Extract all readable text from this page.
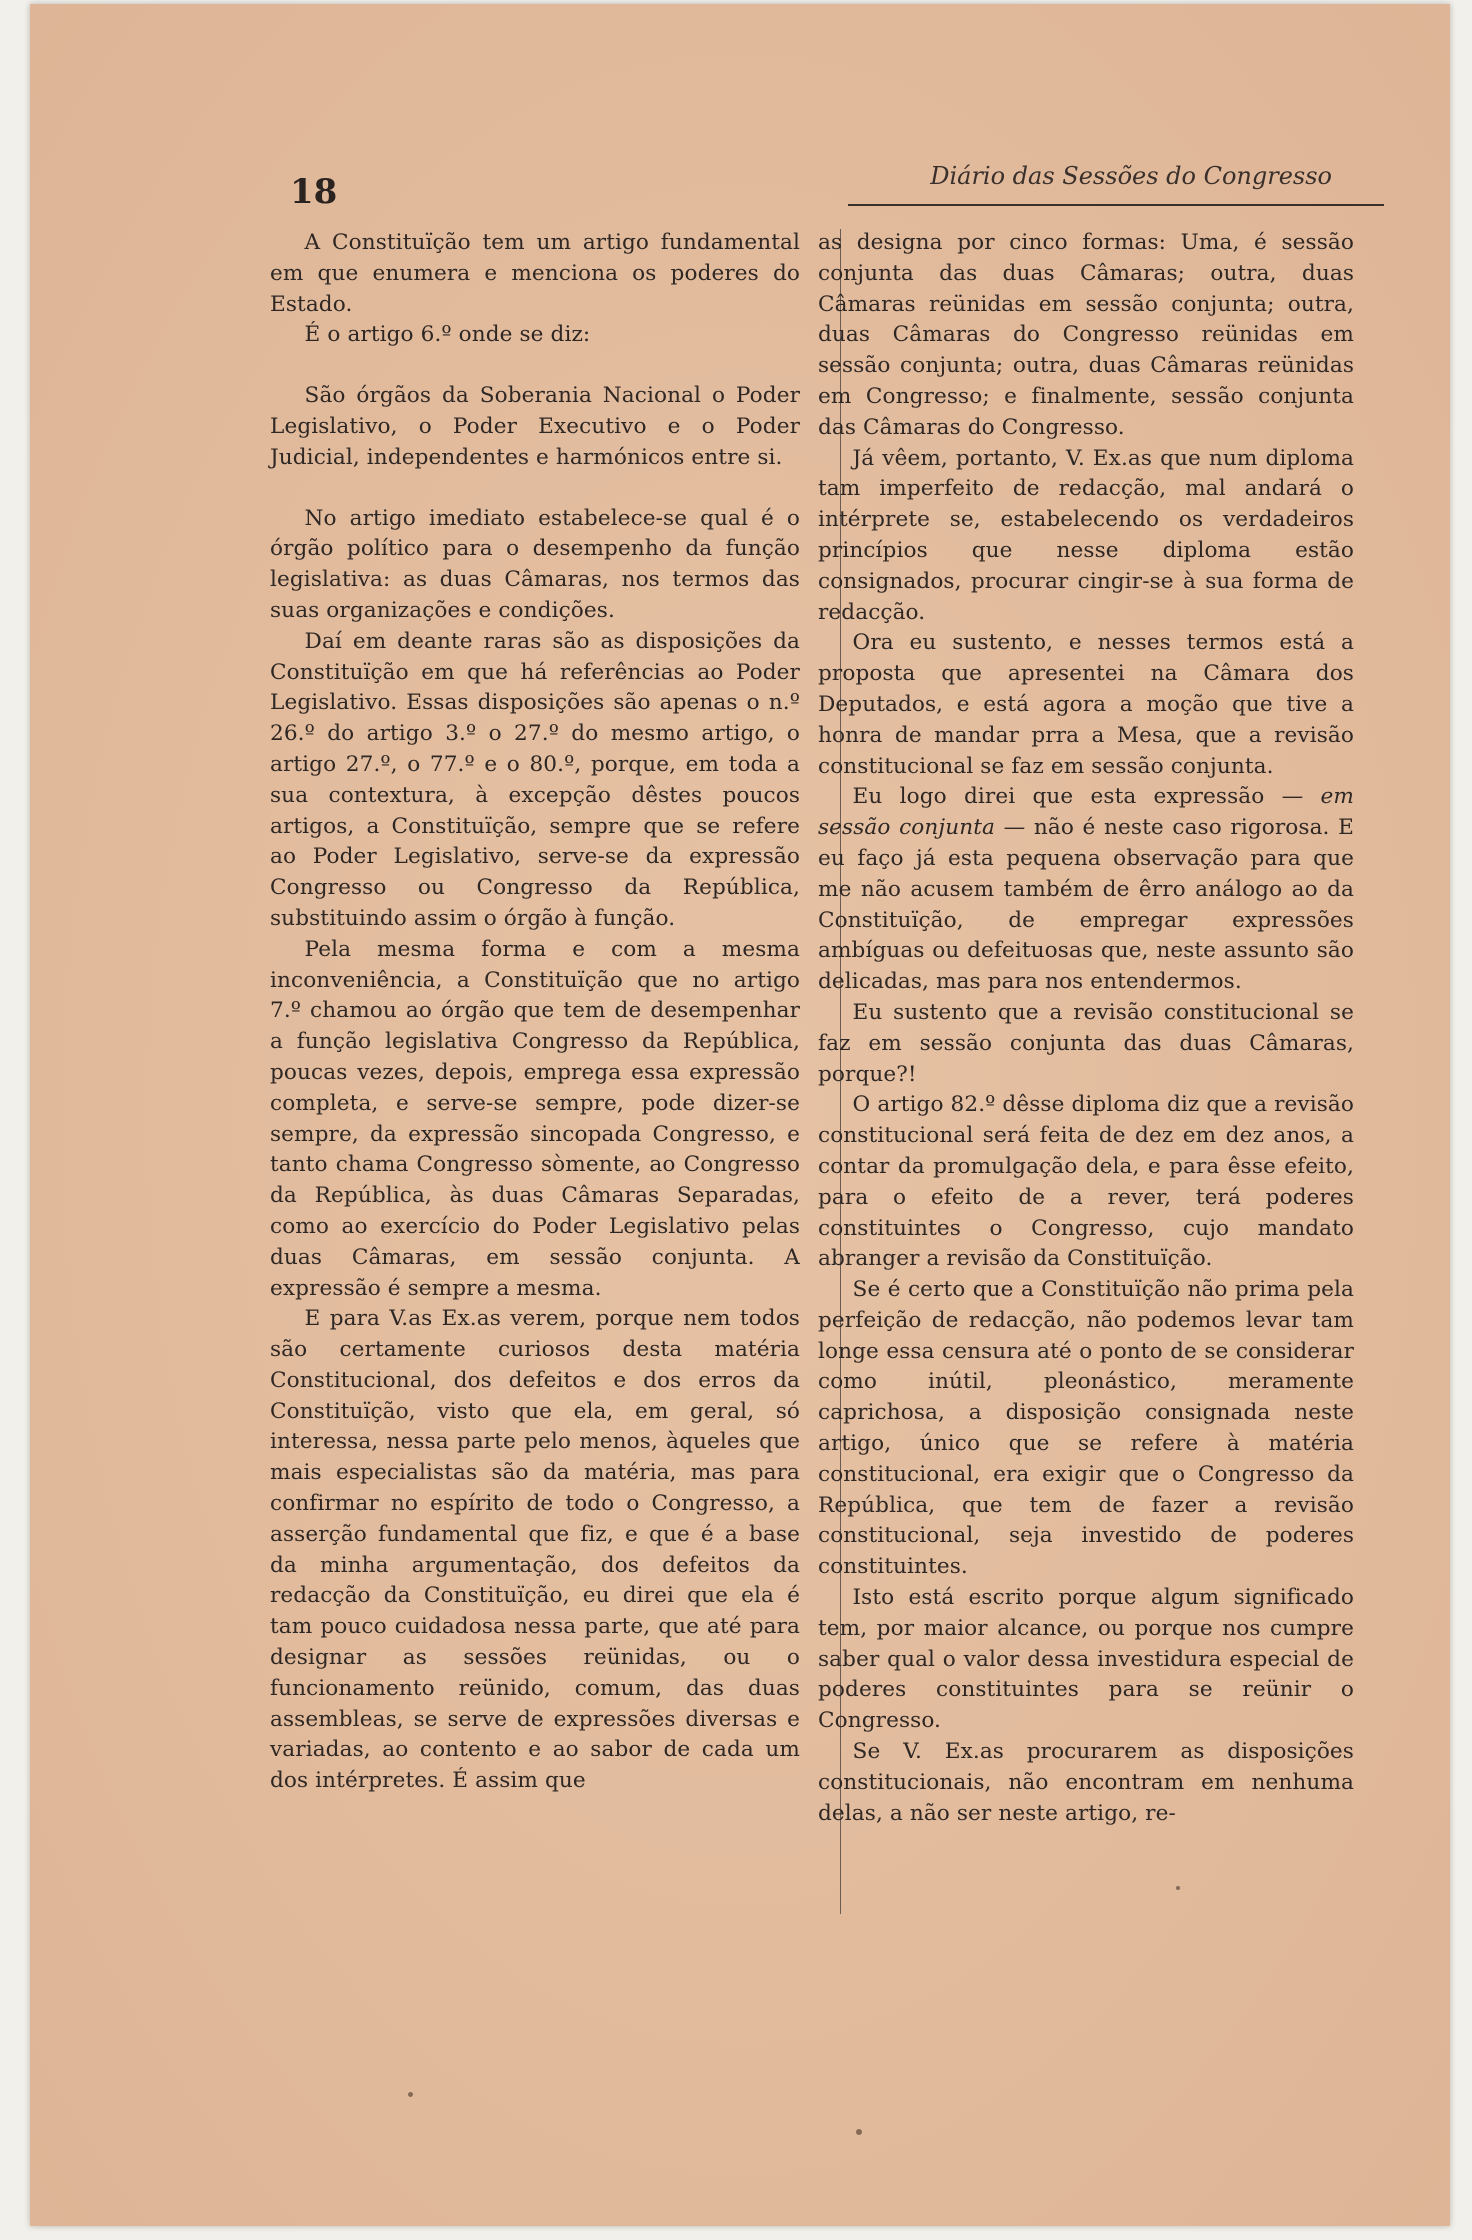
18	Diário das Sessões do Congresso

A Constituïção tem um artigo fundamental em que enumera e menciona os poderes do Estado.

É o artigo 6.º onde se diz:

São órgãos da Soberania Nacional o Poder Legislativo, o Poder Executivo e o Poder Judicial, independentes e harmónicos entre si.

No artigo imediato estabelece-se qual é o órgão político para o desempenho da função legislativa: as duas Câmaras, nos termos das suas organizações e condições.

Daí em deante raras são as disposições da Constituïção em que há referências ao Poder Legislativo. Essas disposições são apenas o n.º 26.º do artigo 3.º o 27.º do mesmo artigo, o artigo 27.º, o 77.º e o 80.º, porque, em toda a sua contextura, à excepção dêstes poucos artigos, a Constituïção, sempre que se refere ao Poder Legislativo, serve-se da expressão Congresso ou Congresso da República, substituindo assim o órgão à função.

Pela mesma forma e com a mesma inconveniência, a Constituïção que no artigo 7.º chamou ao órgão que tem de desempenhar a função legislativa Congresso da República, poucas vezes, depois, emprega essa expressão completa, e serve-se sempre, pode dizer-se sempre, da expressão sincopada Congresso, e tanto chama Congresso sòmente, ao Congresso da República, às duas Câmaras Separadas, como ao exercício do Poder Legislativo pelas duas Câmaras, em sessão conjunta. A expressão é sempre a mesma.

E para V.as Ex.as verem, porque nem todos são certamente curiosos desta matéria Constitucional, dos defeitos e dos erros da Constituïção, visto que ela, em geral, só interessa, nessa parte pelo menos, àqueles que mais especialistas são da matéria, mas para confirmar no espírito de todo o Congresso, a asserção fundamental que fiz, e que é a base da minha argumentação, dos defeitos da redacção da Constituïção, eu direi que ela é tam pouco cuidadosa nessa parte, que até para designar as sessões reünidas, ou o funcionamento reünido, comum, das duas assembleas, se serve de expressões diversas e variadas, ao contento e ao sabor de cada um dos intérpretes. É assim que

as designa por cinco formas: Uma, é sessão conjunta das duas Câmaras; outra, duas Câmaras reünidas em sessão conjunta; outra, duas Câmaras do Congresso reünidas em sessão conjunta; outra, duas Câmaras reünidas em Congresso; e finalmente, sessão conjunta das Câmaras do Congresso.

Já vêem, portanto, V. Ex.as que num diploma tam imperfeito de redacção, mal andará o intérprete se, estabelecendo os verdadeiros princípios que nesse diploma estão consignados, procurar cingir-se à sua forma de redacção.

Ora eu sustento, e nesses termos está a proposta que apresentei na Câmara dos Deputados, e está agora a moção que tive a honra de mandar prra a Mesa, que a revisão constitucional se faz em sessão conjunta.

Eu logo direi que esta expressão — em sessão conjunta — não é neste caso rigorosa. E eu faço já esta pequena observação para que me não acusem também de êrro análogo ao da Constituïção, de empregar expressões ambíguas ou defeituosas que, neste assunto são delicadas, mas para nos entendermos.

Eu sustento que a revisão constitucional se faz em sessão conjunta das duas Câmaras, porque?!

O artigo 82.º dêsse diploma diz que a revisão constitucional será feita de dez em dez anos, a contar da promulgação dela, e para êsse efeito, para o efeito de a rever, terá poderes constituintes o Congresso, cujo mandato abranger a revisão da Constituïção.

Se é certo que a Constituïção não prima pela perfeição de redacção, não podemos levar tam longe essa censura até o ponto de se considerar como inútil, pleonástico, meramente caprichosa, a disposição consignada neste artigo, único que se refere à matéria constitucional, era exigir que o Congresso da República, que tem de fazer a revisão constitucional, seja investido de poderes constituintes.

Isto está escrito porque algum significado tem, por maior alcance, ou porque nos cumpre saber qual o valor dessa investidura especial de poderes constituintes para se reünir o Congresso.

Se V. Ex.as procurarem as disposições constitucionais, não encontram em nenhuma delas, a não ser neste artigo, re-
